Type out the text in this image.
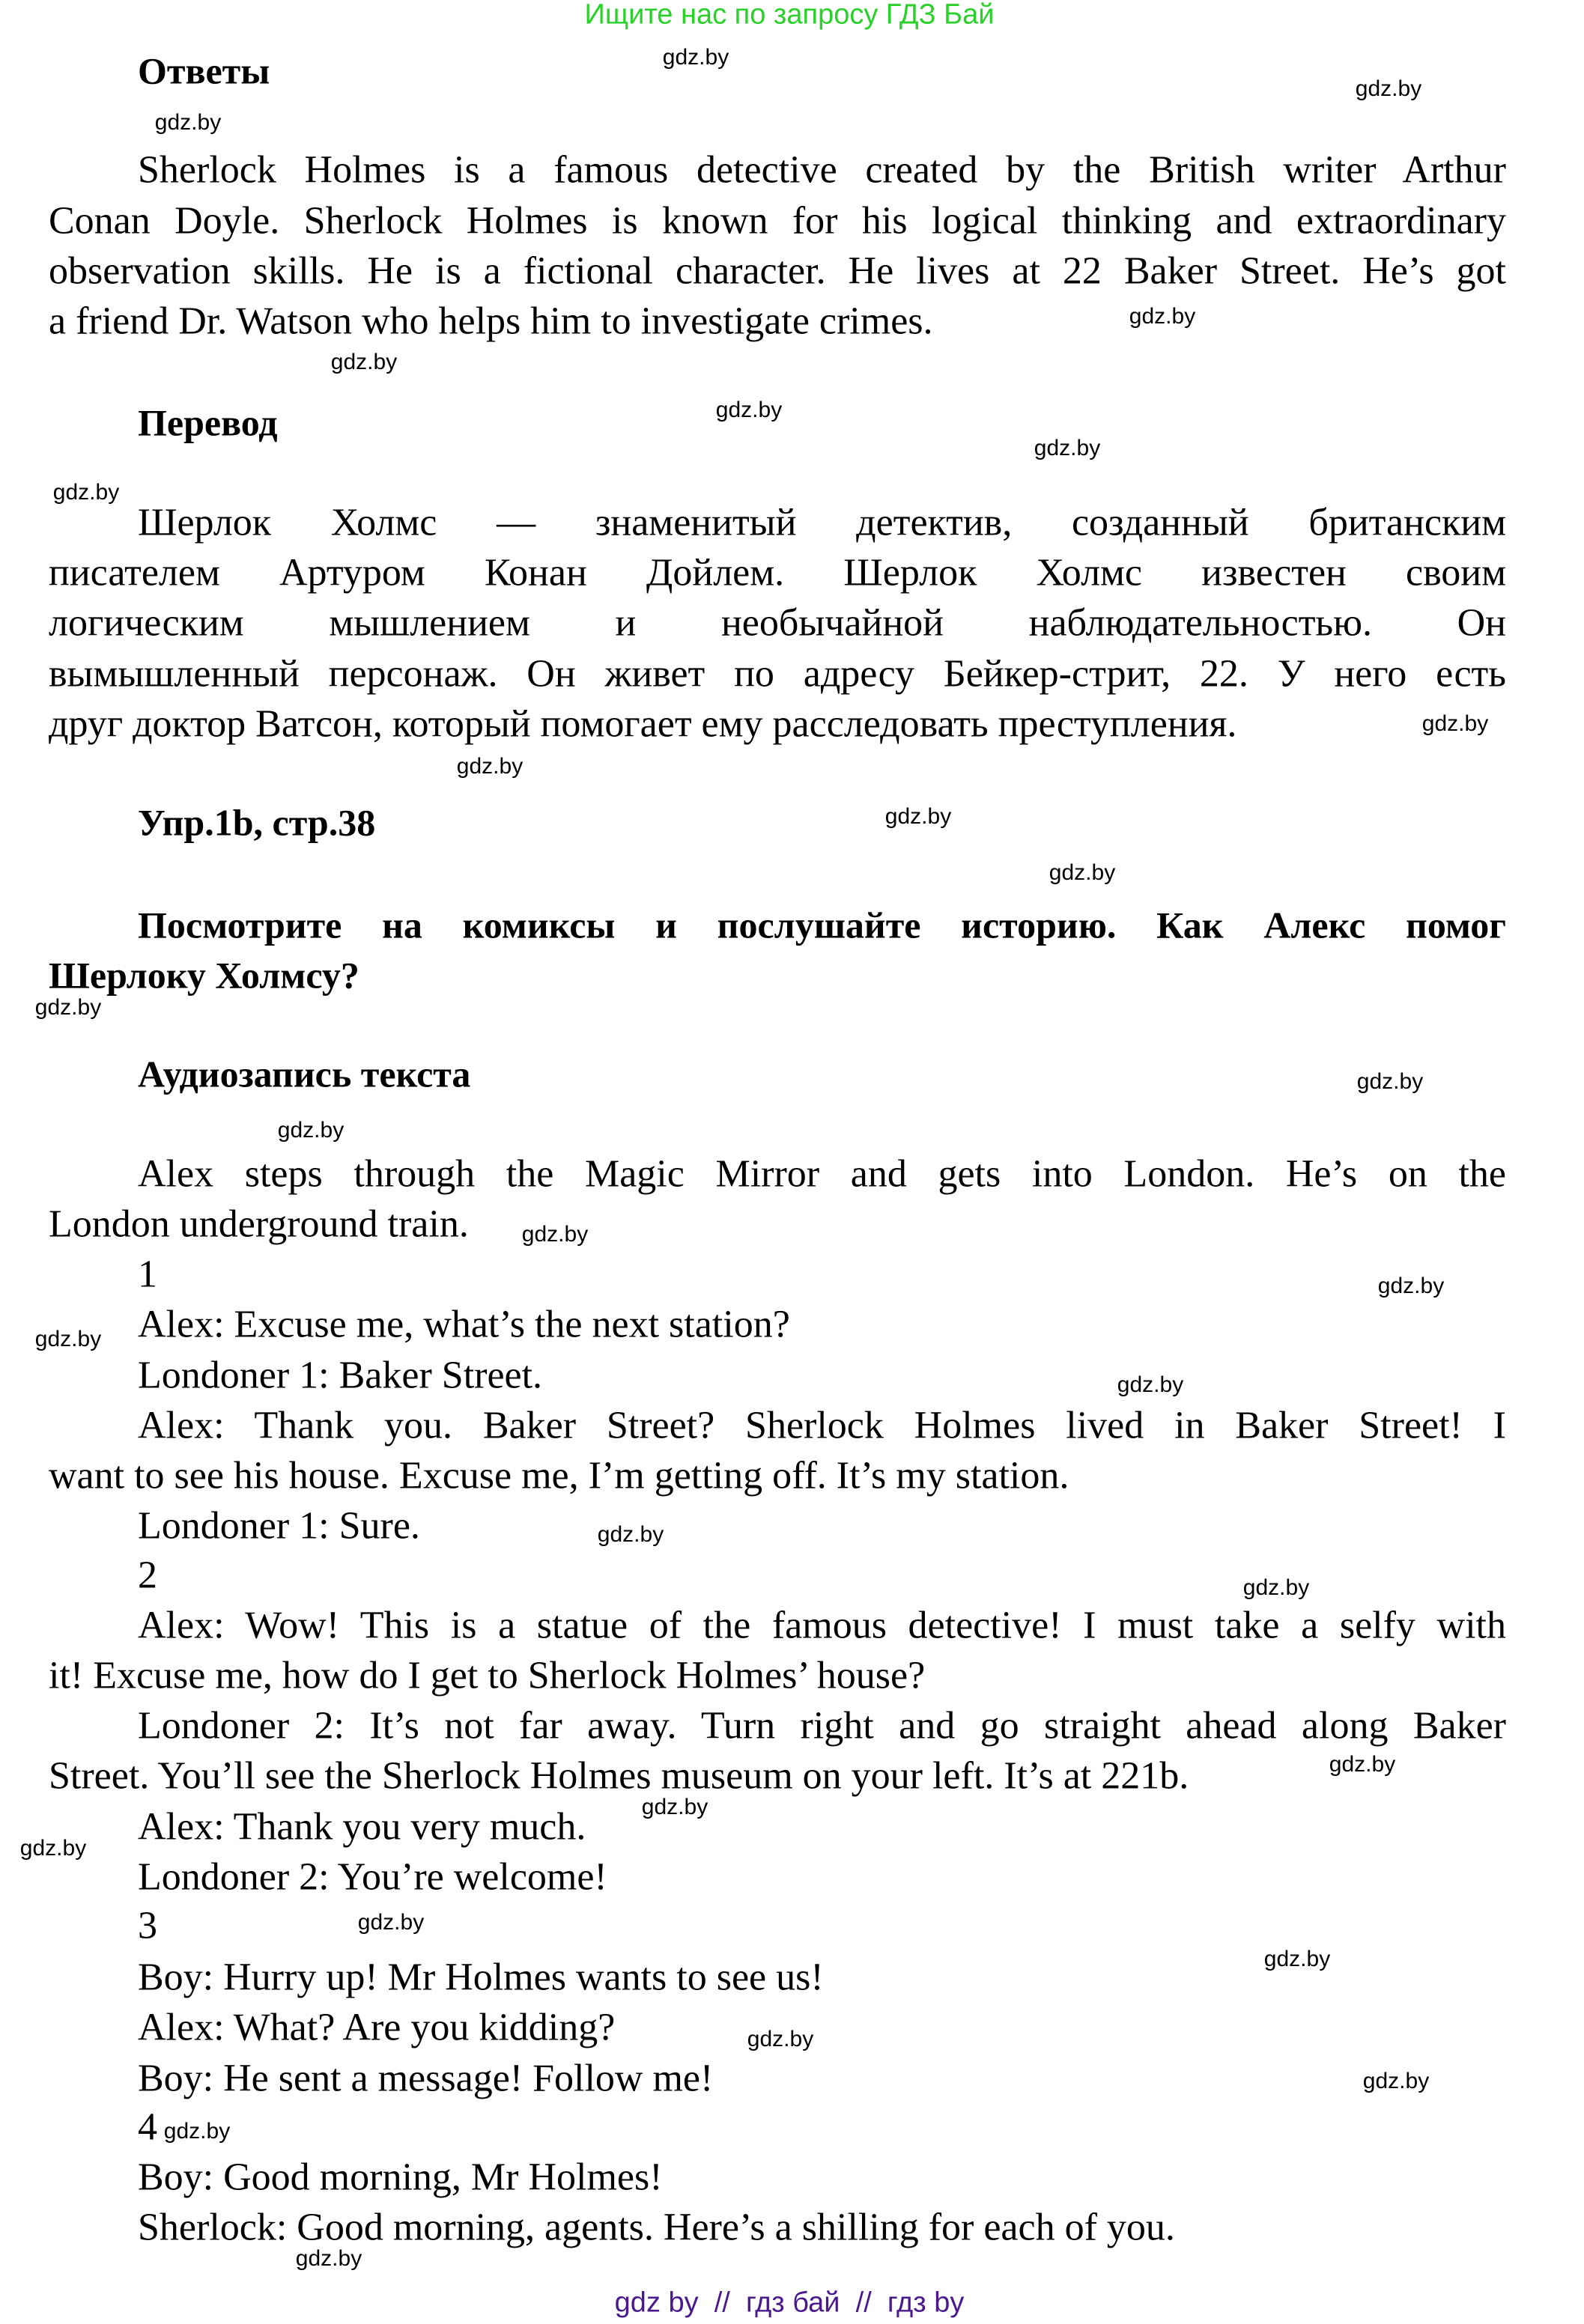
Ищите нас по запросу ГДЗ Бай
Ответы
Sherlock Holmes is a famous detective created by the British writer Arthur
Conan Doyle. Sherlock Holmes is known for his logical thinking and extraordinary
observation skills. He is a fictional character. He lives at 22 Baker Street. He’s got
a friend Dr. Watson who helps him to investigate crimes.
Перевод
Шерлок Холмс — знаменитый детектив, созданный британским
писателем Артуром Конан Дойлем. Шерлок Холмс известен своим
логическим мышлением и необычайной наблюдательностью. Он
вымышленный персонаж. Он живет по адресу Бейкер-стрит, 22. У него есть
друг доктор Ватсон, который помогает ему расследовать преступления.
Упр.1b, стр.38
Посмотрите на комиксы и послушайте историю. Как Алекс помог
Шерлоку Холмсу?
Аудиозапись текста
Alex steps through the Magic Mirror and gets into London. He’s on the
London underground train.
1
Alex: Excuse me, what’s the next station?
Londoner 1: Baker Street.
Alex: Thank you. Baker Street? Sherlock Holmes lived in Baker Street! I
want to see his house. Excuse me, I’m getting off. It’s my station.
Londoner 1: Sure.
2
Alex: Wow! This is a statue of the famous detective! I must take a selfy with
it! Excuse me, how do I get to Sherlock Holmes’ house?
Londoner 2: It’s not far away. Turn right and go straight ahead along Baker
Street. You’ll see the Sherlock Holmes museum on your left. It’s at 221b.
Alex: Thank you very much.
Londoner 2: You’re welcome!
3
Boy: Hurry up! Mr Holmes wants to see us!
Alex: What? Are you kidding?
Boy: He sent a message! Follow me!
4
Boy: Good morning, Mr Holmes!
Sherlock: Good morning, agents. Here’s a shilling for each of you.
gdz.by
gdz.by
gdz.by
gdz.by
gdz.by
gdz.by
gdz.by
gdz.by
gdz.by
gdz.by
gdz.by
gdz.by
gdz.by
gdz.by
gdz.by
gdz.by
gdz.by
gdz.by
gdz.by
gdz.by
gdz.by
gdz.by
gdz.by
gdz.by
gdz.by
gdz.by
gdz.by
gdz.by
gdz.by
gdz.by
gdz by  //  гдз бай  //  гдз by
